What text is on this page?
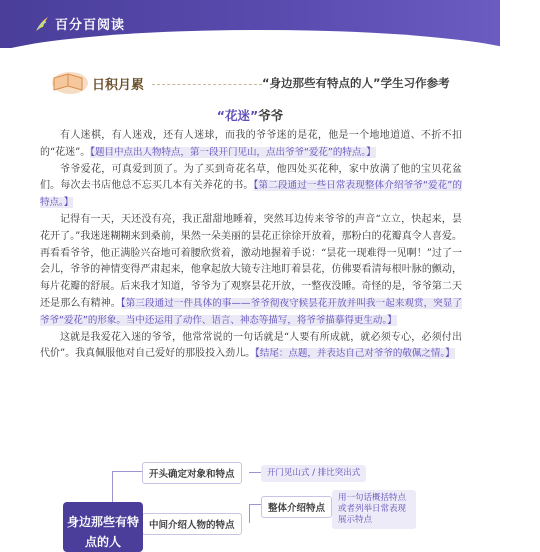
百分百阅读
日积月累	“身边那些有特点的人”学生习作参考
“花迷”爷爷

有人迷棋，有人迷戏，还有人迷球，而我的爷爷迷的是花，他是一个地地道道、不折不扣的“花迷”。【题目中点出人物特点，第一段开门见山，点出爷爷“爱花”的特点。】

爷爷爱花，可真爱到顶了。为了买到奇花名草，他四处买花种，家中放满了他的宝贝花盆们。每次去书店他总不忘买几本有关养花的书。【第二段通过一些日常表现整体介绍爷爷“爱花”的特点。】

记得有一天，天还没有亮，我正甜甜地睡着，突然耳边传来爷爷的声音“立立，快起来，昙花开了。”我迷迷糊糊来到桑前，果然一朵美丽的昙花正徐徐开放着，那粉白的花瓣真令人喜爱。再看看爷爷，他正满脸兴奋地可着腰欣赏着，激动地握着手说：“昙花一现难得一见啊！”过了一会儿，爷爷的神情变得严肃起来，他拿起放大镜专注地盯着昙花，仿佛要看清每根叶脉的颤动，每片花瓣的舒展。后来我才知道，爷爷为了观察昙花开放，一整夜没睡。奇怪的是，爷爷第二天还是那么有精神。【第三段通过一件具体的事——爷爷彻夜守候昙花开放并叫我一起来观赏，突显了爷爷“爱花”的形象。当中还运用了动作、语言、神态等描写，将爷爷描摹得更生动。】

这就是我爱花入迷的爷爷，他常常说的一句话就是“人要有所成就，就必须专心，必须付出代价”。我真佩服他对自己爱好的那股投入劲儿。【结尾：点题，并表达自己对爷爷的敬佩之情。】

开头确定对象和特点	开门见山式 / 排比突出式
中间介绍人物的特点
整体介绍特点
用一句话概括特点或者列举日常表现展示特点
身边那些有特点的人
